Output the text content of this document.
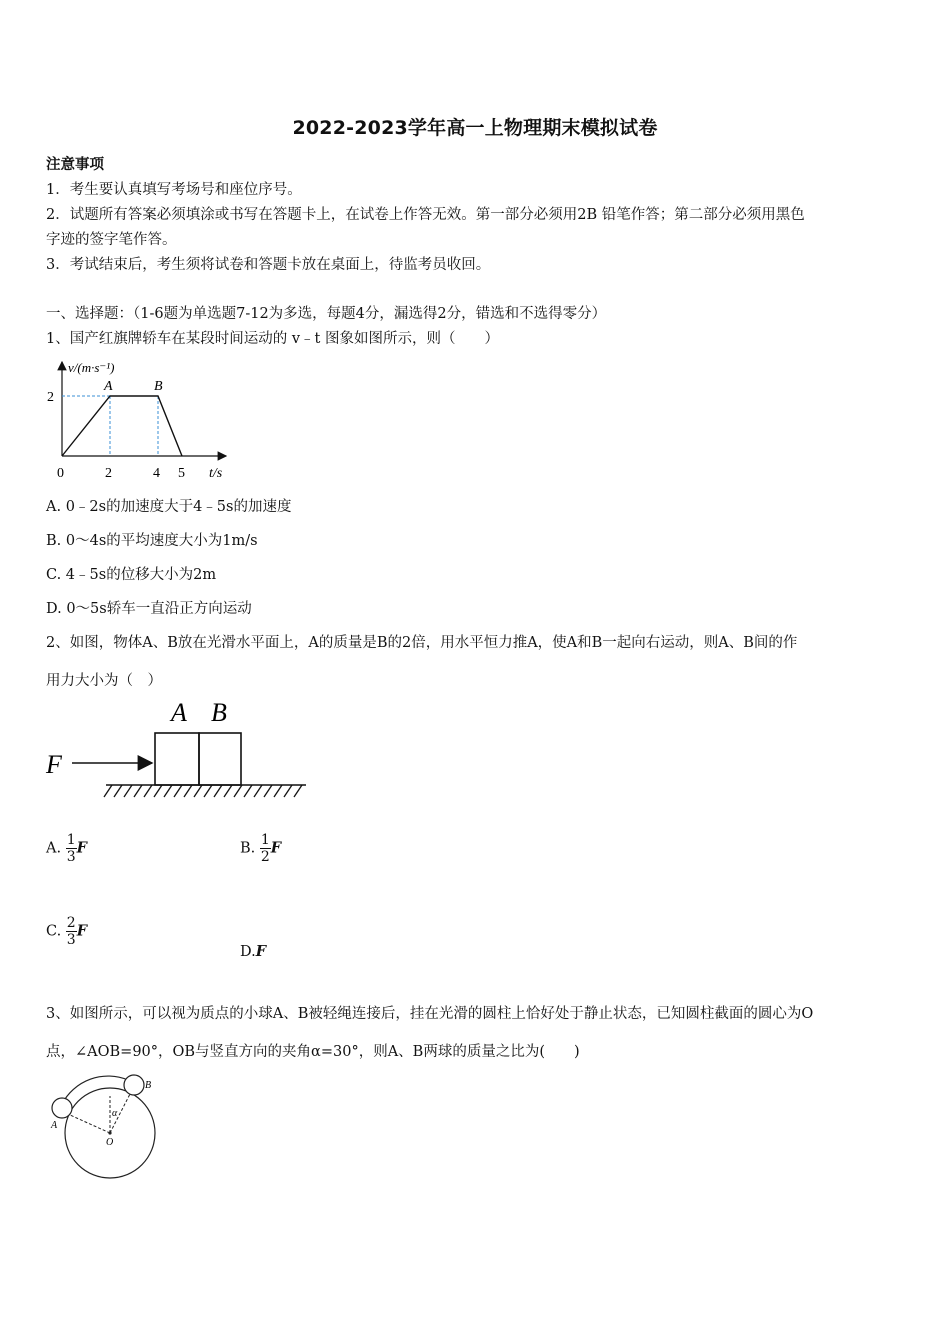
2022-2023学年高一上物理期末模拟试卷
注意事项
1．考生要认真填写考场号和座位序号。
2．试题所有答案必须填涂或书写在答题卡上，在试卷上作答无效。第一部分必须用2B 铅笔作答；第二部分必须用黑色
字迹的签字笔作答。
3．考试结束后，考生须将试卷和答题卡放在桌面上，待监考员收回。
一、选择题：（1-6题为单选题7-12为多选，每题4分，漏选得2分，错选和不选得零分）
1、国产红旗牌轿车在某段时间运动的 v﹣t 图象如图所示，则（　　）
v/(m·s⁻¹)
A	B
2
0	2	4 5 t/s
A. 0﹣2s的加速度大于4﹣5s的加速度
B. 0～4s的平均速度大小为1m/s
C. 4﹣5s的位移大小为2m
D. 0～5s轿车一直沿正方向运动
2、如图，物体A、B放在光滑水平面上，A的质量是B的2倍，用水平恒力推A，使A和B一起向右运动，则A、B间的作
用力大小为（　）
F
A B
A. $\frac{1}{3}$ F	B. $\frac{1}{2}$ F
C. $\frac{2}{3}$ F
D.F
3、如图所示，可以视为质点的小球A、B被轻绳连接后，挂在光滑的圆柱上恰好处于静止状态，已知圆柱截面的圆心为O
点，∠AOB=90°，OB与竖直方向的夹角α=30°，则A、B两球的质量之比为(　　)
α
A
B
O
